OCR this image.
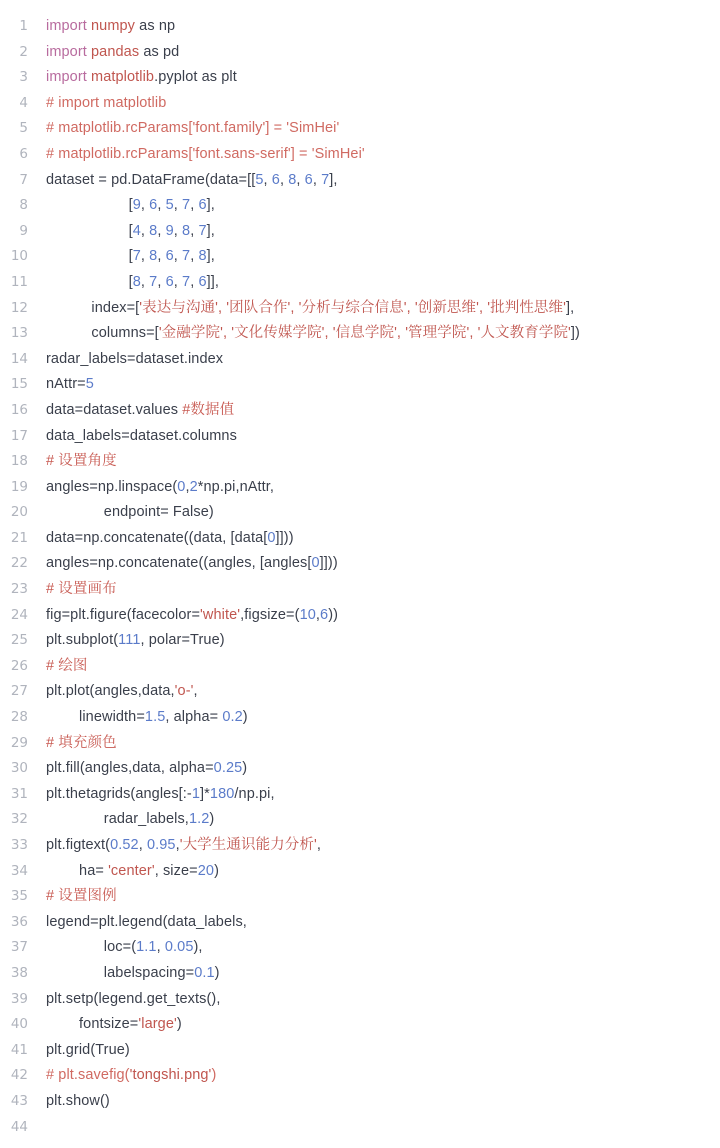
1	import numpy as np
2	import pandas as pd
3	import matplotlib.pyplot as plt
4	# import matplotlib
5	# matplotlib.rcParams['font.family'] = 'SimHei'
6	# matplotlib.rcParams['font.sans-serif'] = 'SimHei'
7	dataset = pd.DataFrame(data=[[5, 6, 8, 6, 7],
8	[9, 6, 5, 7, 6],
9	[4, 8, 9, 8, 7],
10	[7, 8, 6, 7, 8],
11	[8, 7, 6, 7, 6]],
12	index=['表达与沟通', '团队合作', '分析与综合信息', '创新思维', '批判性思维'],
13	columns=['金融学院', '文化传媒学院', '信息学院', '管理学院', '人文教育学院'])
14	radar_labels=dataset.index
15	nAttr=5
16	data=dataset.values #数据值
17	data_labels=dataset.columns
18	# 设置角度
19	angles=np.linspace(0,2*np.pi,nAttr,
20	endpoint= False)
21	data=np.concatenate((data, [data[0]]))
22	angles=np.concatenate((angles, [angles[0]]))
23	# 设置画布
24	fig=plt.figure(facecolor='white',figsize=(10,6))
25	plt.subplot(111, polar=True)
26	# 绘图
27	plt.plot(angles,data,'o-',
28	linewidth=1.5, alpha= 0.2)
29	# 填充颜色
30	plt.fill(angles,data, alpha=0.25)
31	plt.thetagrids(angles[:-1]*180/np.pi,
32	radar_labels,1.2)
33	plt.figtext(0.52, 0.95,'大学生通识能力分析',
34	ha= 'center', size=20)
35	# 设置图例
36	legend=plt.legend(data_labels,
37	loc=(1.1, 0.05),
38	labelspacing=0.1)
39	plt.setp(legend.get_texts(),
40	fontsize='large')
41	plt.grid(True)
42	# plt.savefig('tongshi.png')
43	plt.show()
44
